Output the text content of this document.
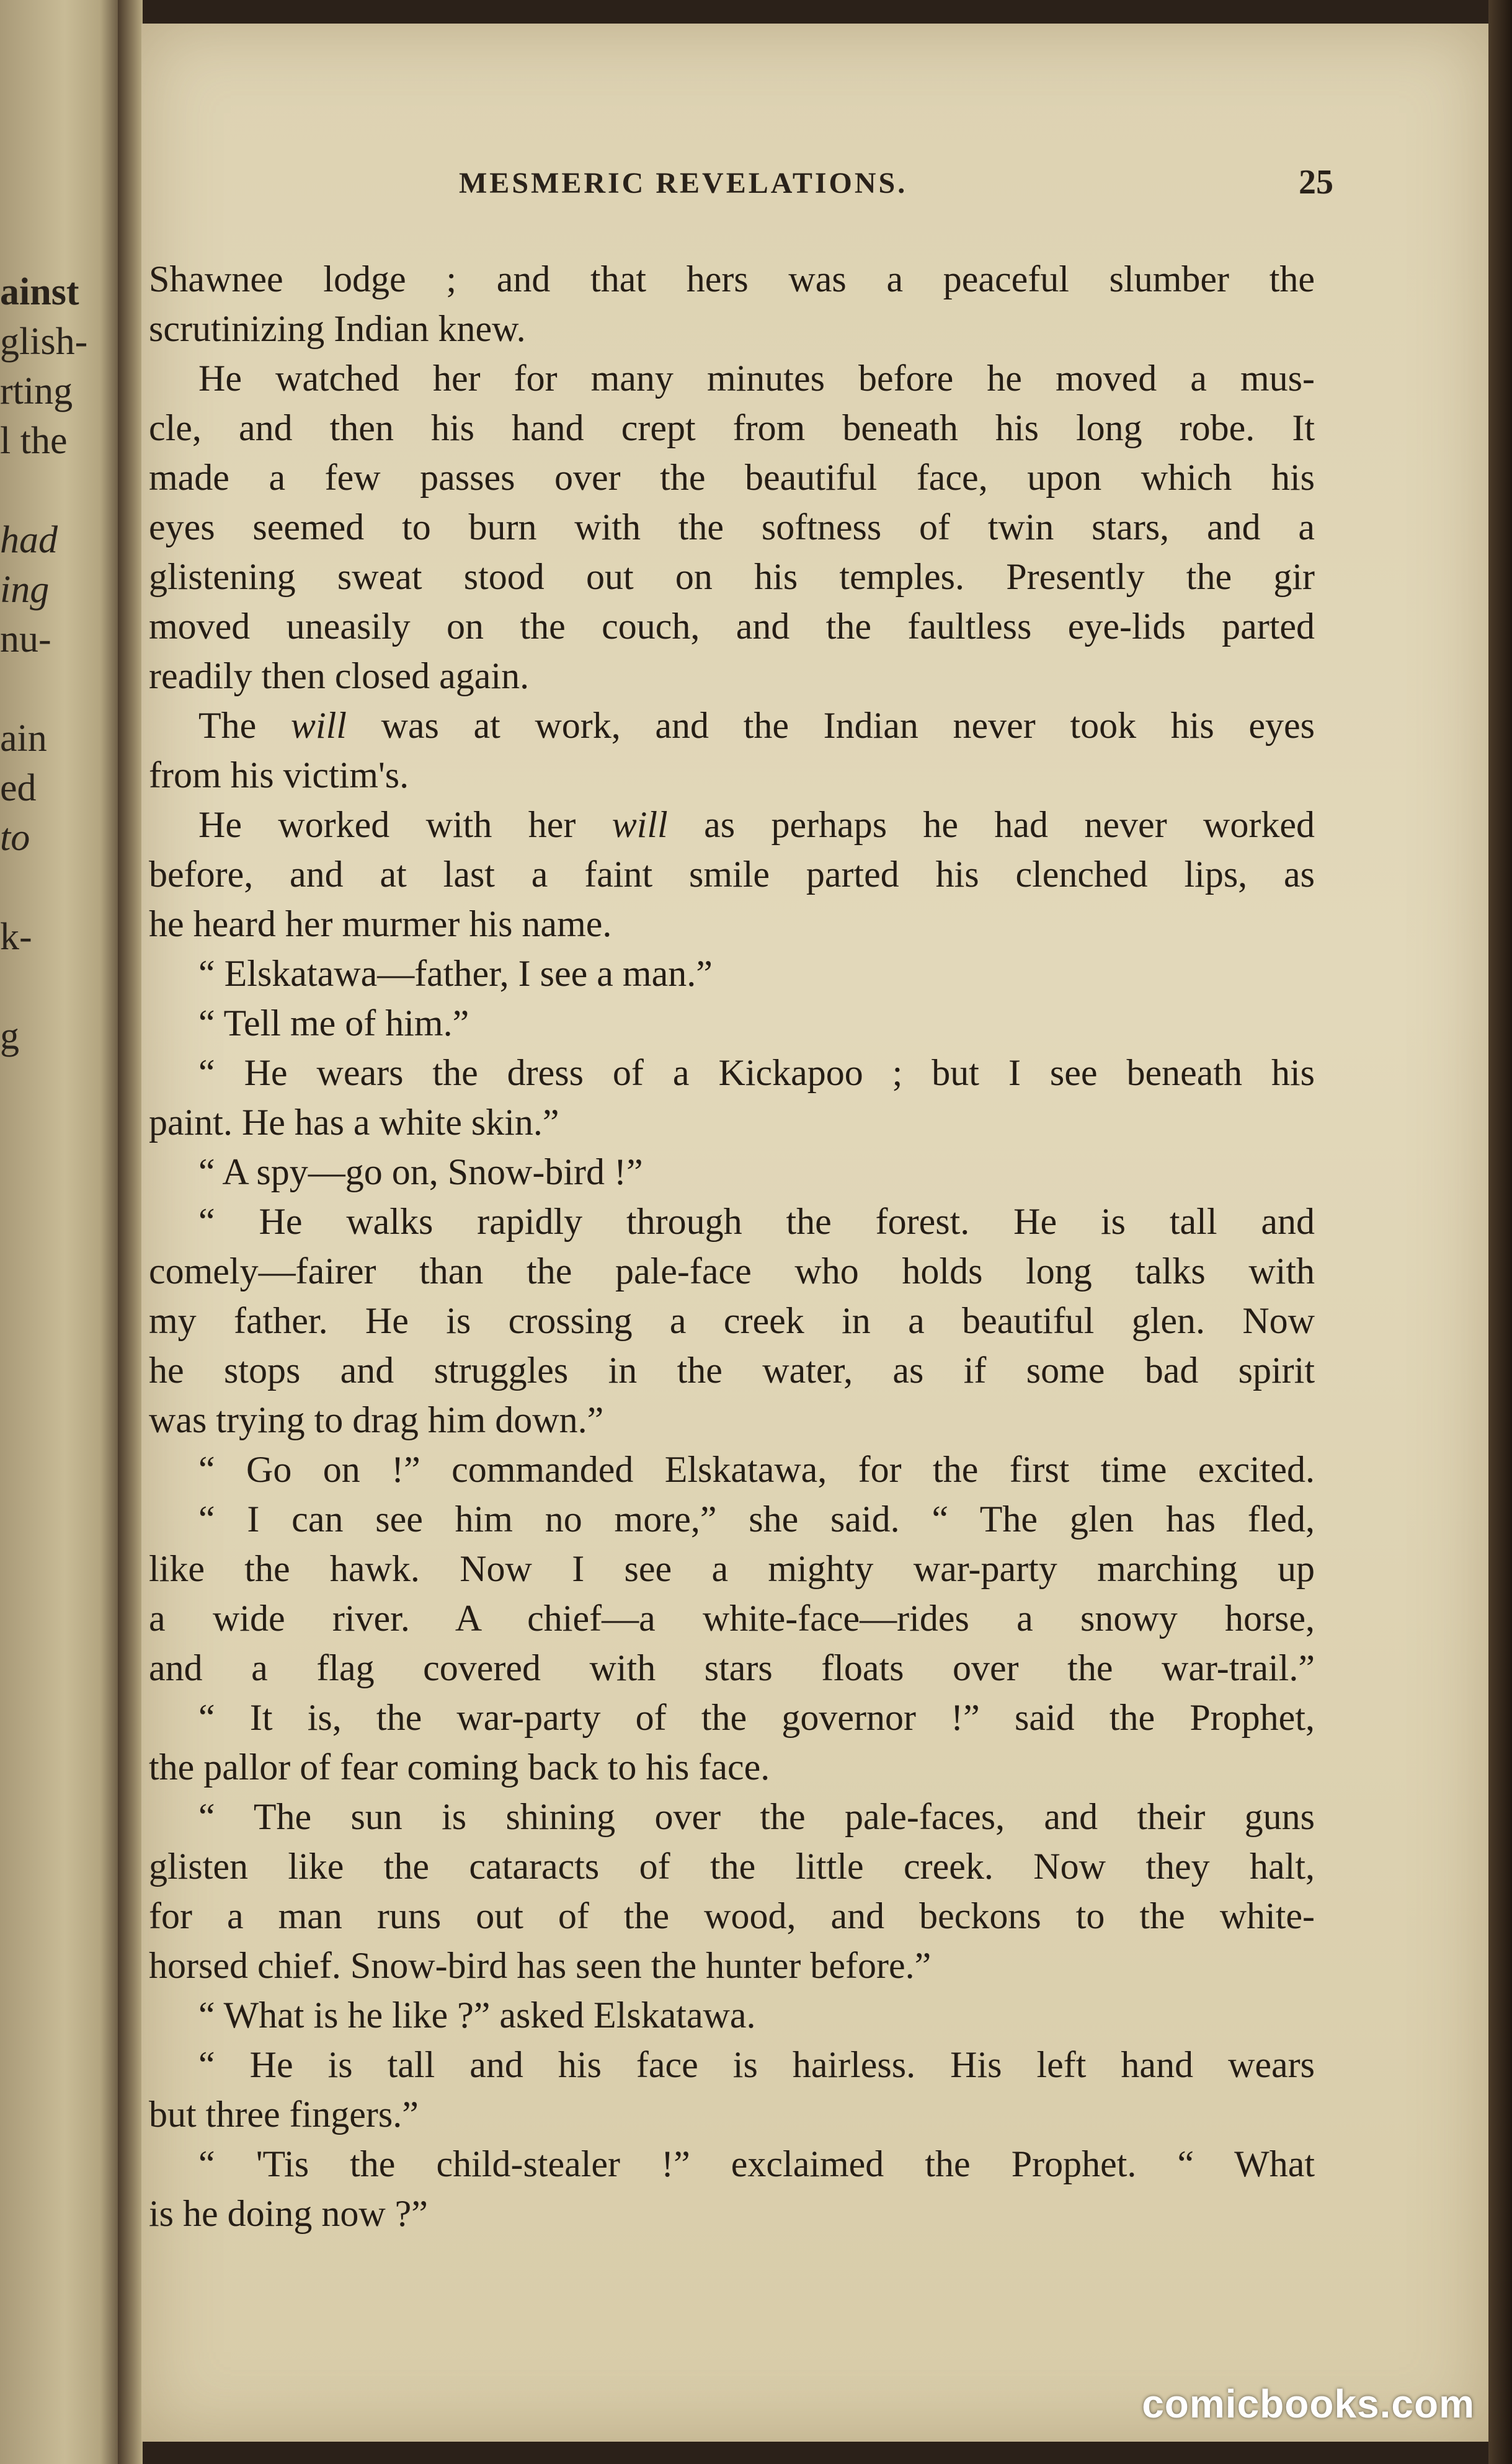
ainst
glish-
rting
l the
had
ing
nu-
ain
ed
to
k-
g
MESMERIC REVELATIONS.	25
Shawnee lodge ; and that hers was a peaceful slumber the
scrutinizing Indian knew.
He watched her for many minutes before he moved a mus-
cle, and then his hand crept from beneath his long robe. It
made a few passes over the beautiful face, upon which his
eyes seemed to burn with the softness of twin stars, and a
glistening sweat stood out on his temples. Presently the gir
moved uneasily on the couch, and the faultless eye-lids parted
readily then closed again.
The will was at work, and the Indian never took his eyes
from his victim's.
He worked with her will as perhaps he had never worked
before, and at last a faint smile parted his clenched lips, as
he heard her murmer his name.
“ Elskatawa—father, I see a man.”
“ Tell me of him.”
“ He wears the dress of a Kickapoo ; but I see beneath his
paint. He has a white skin.”
“ A spy—go on, Snow-bird !”
“ He walks rapidly through the forest. He is tall and
comely—fairer than the pale-face who holds long talks with
my father. He is crossing a creek in a beautiful glen. Now
he stops and struggles in the water, as if some bad spirit
was trying to drag him down.”
“ Go on !” commanded Elskatawa, for the first time excited.
“ I can see him no more,” she said. “ The glen has fled,
like the hawk. Now I see a mighty war-party marching up
a wide river. A chief—a white-face—rides a snowy horse,
and a flag covered with stars floats over the war-trail.”
“ It is, the war-party of the governor !” said the Prophet,
the pallor of fear coming back to his face.
“ The sun is shining over the pale-faces, and their guns
glisten like the cataracts of the little creek. Now they halt,
for a man runs out of the wood, and beckons to the white-
horsed chief. Snow-bird has seen the hunter before.”
“ What is he like ?” asked Elskatawa.
“ He is tall and his face is hairless. His left hand wears
but three fingers.”
“ 'Tis the child-stealer !” exclaimed the Prophet. “ What
is he doing now ?”
comicbooks.com
